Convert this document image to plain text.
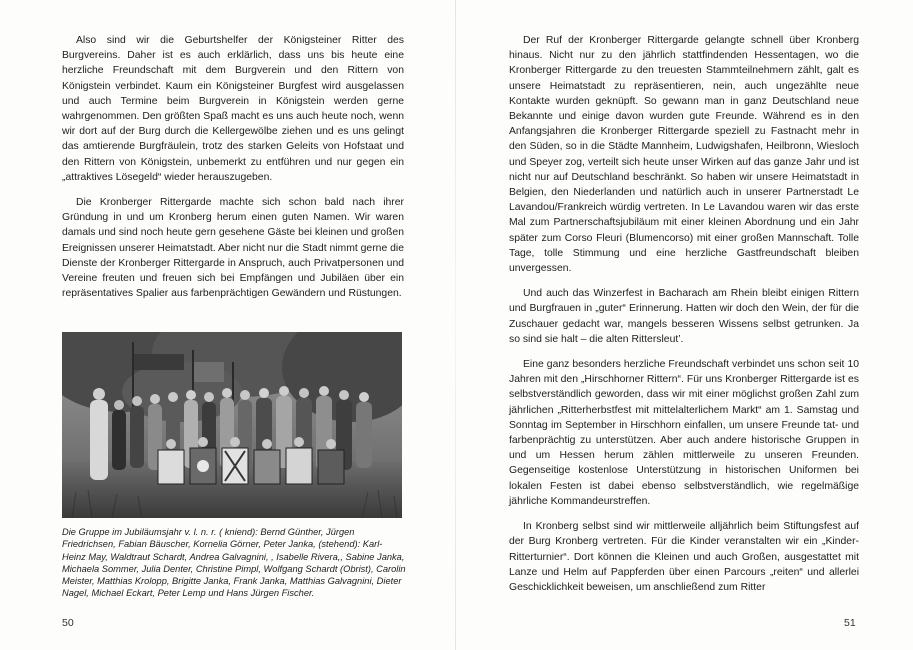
Also sind wir die Geburtshelfer der Königsteiner Ritter des Burgvereins. Daher ist es auch erklärlich, dass uns bis heute eine herzliche Freundschaft mit dem Burgverein und den Rittern von Königstein verbindet. Kaum ein Königsteiner Burgfest wird ausgelassen und auch Termine beim Burgverein in Königstein werden gerne wahrgenommen. Den größten Spaß macht es uns auch heute noch, wenn wir dort auf der Burg durch die Kellergewölbe ziehen und es uns gelingt das amtierende Burgfräulein, trotz des starken Geleits von Hofstaat und den Rittern von Königstein, unbemerkt zu entführen und nur gegen ein „attraktives Lösegeld“ wieder herauszugeben.

Die Kronberger Rittergarde machte sich schon bald nach ihrer Gründung in und um Kronberg herum einen guten Namen. Wir waren damals und sind noch heute gern gesehene Gäste bei kleinen und großen Ereignissen unserer Heimatstadt. Aber nicht nur die Stadt nimmt gerne die Dienste der Kronberger Rittergarde in Anspruch, auch Privatpersonen und Vereine freuten und freuen sich bei Empfängen und Jubiläen über ein repräsentatives Spalier aus farbenprächtigen Gewändern und Rüstungen.

Die Gruppe im Jubiläumsjahr v. l. n. r. ( kniend): Bernd Günther, Jürgen Friedrichsen, Fabian Bäuscher, Kornelia Görner, Peter Janka, (stehend): Karl-Heinz May, Waldtraut Schardt, Andrea Galvagnini, , Isabelle Rivera,, Sabine Janka, Michaela Sommer, Julia Denter, Christine Pimpl, Wolfgang Schardt (Obrist), Carolin Meister, Matthias Krolopp, Brigitte Janka, Frank Janka, Matthias Galvagnini, Dieter Nagel, Michael Eckart, Peter Lemp und Hans Jürgen Fischer.

50

Der Ruf der Kronberger Rittergarde gelangte schnell über Kronberg hinaus. Nicht nur zu den jährlich stattfindenden Hessentagen, wo die Kronberger Rittergarde zu den treuesten Stammteilnehmern zählt, galt es unsere Heimatstadt zu repräsentieren, nein, auch ungezählte neue Kontakte wurden geknüpft. So gewann man in ganz Deutschland neue Bekannte und einige davon wurden gute Freunde. Während es in den Anfangsjahren die Kronberger Rittergarde speziell zu Fastnacht mehr in den Süden, so in die Städte Mannheim, Ludwigshafen, Heilbronn, Wiesloch und Speyer zog, verteilt sich heute unser Wirken auf das ganze Jahr und ist nicht nur auf Deutschland beschränkt. So haben wir unsere Heimatstadt in Belgien, den Niederlanden und natürlich auch in unserer Partnerstadt Le Lavandou/Frankreich würdig vertreten. In Le Lavandou waren wir das erste Mal zum Partnerschaftsjubiläum mit einer kleinen Abordnung und ein Jahr später zum Corso Fleuri (Blumencorso) mit einer großen Mannschaft. Tolle Tage, tolle Stimmung und eine herzliche Gastfreundschaft bleiben unvergessen.

Und auch das Winzerfest in Bacharach am Rhein bleibt einigen Rittern und Burgfrauen in „guter“ Erinnerung. Hatten wir doch den Wein, der für die Zuschauer gedacht war, mangels besseren Wissens selbst getrunken. Ja so sind sie halt – die alten Rittersleut’.

Eine ganz besonders herzliche Freundschaft verbindet uns schon seit 10 Jahren mit den „Hirschhorner Rittern“. Für uns Kronberger Rittergarde ist es selbstverständlich geworden, dass wir mit einer möglichst großen Zahl zum jährlichen „Ritterherbstfest mit mittelalterlichem Markt“ am 1. Samstag und Sonntag im September in Hirschhorn einfallen, um unsere Freunde tat- und farbenprächtig zu unterstützen. Aber auch andere historische Gruppen in und um Hessen herum zählen mittlerweile zu unseren Freunden. Gegenseitige kostenlose Unterstützung in historischen Uniformen bei lokalen Festen ist dabei ebenso selbstverständlich, wie regelmäßige jährliche Kommandeurstreffen.

In Kronberg selbst sind wir mittlerweile alljährlich beim Stiftungsfest auf der Burg Kronberg vertreten. Für die Kinder veranstalten wir ein „Kinder-Ritterturnier“. Dort können die Kleinen und auch Großen, ausgestattet mit Lanze und Helm auf Pappferden über einen Parcours „reiten“ und allerlei Geschicklichkeit beweisen, um anschließend zum Ritter

51
